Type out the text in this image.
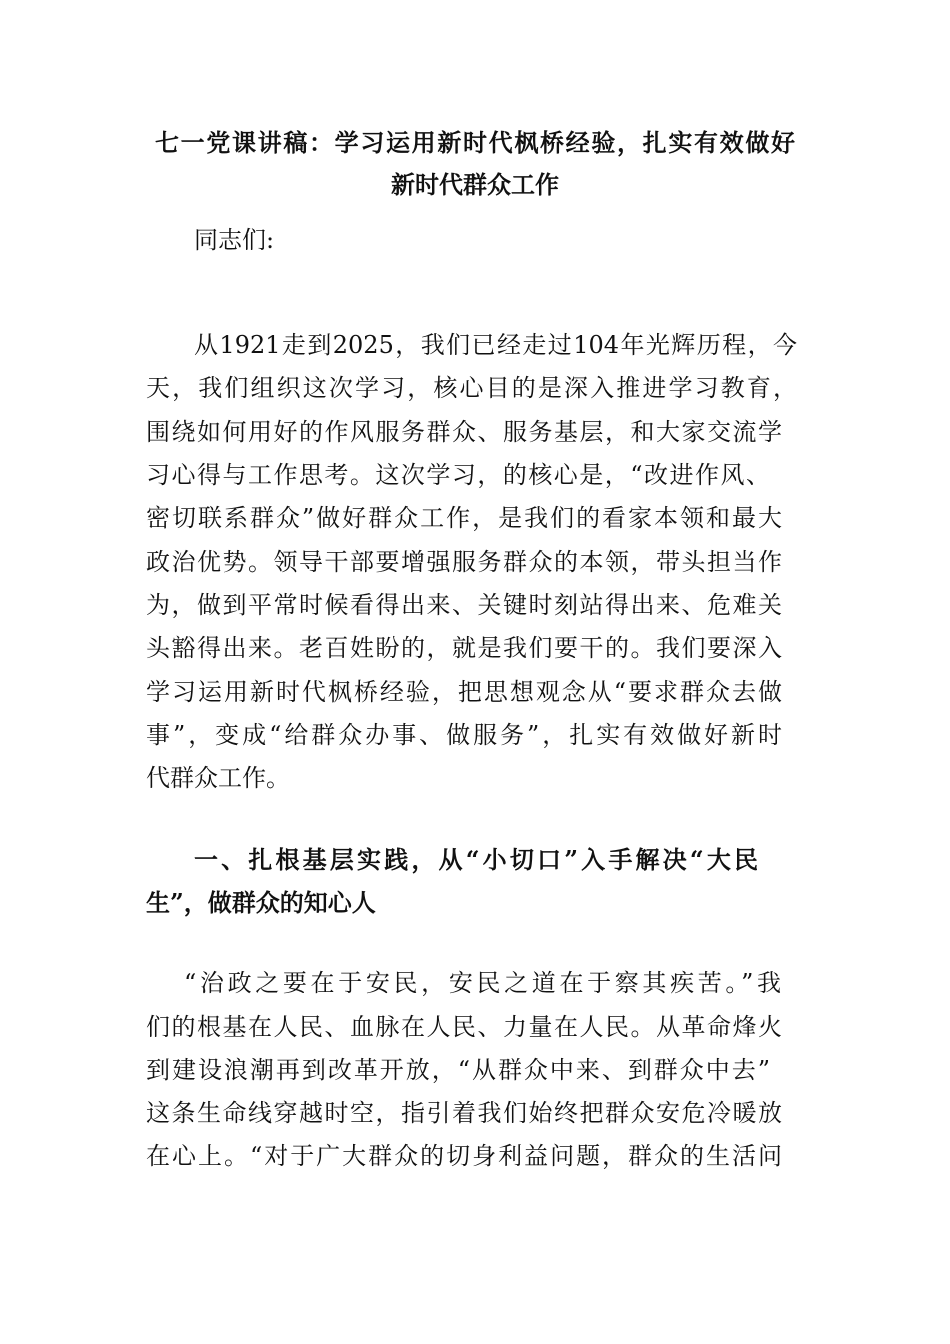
七一党课讲稿：学习运用新时代枫桥经验，扎实有效做好
新时代群众工作
同志们:
从1921走到2025，我们已经走过104年光辉历程，今
天，我们组织这次学习，核心目的是深入推进学习教育，
围绕如何用好的作风服务群众、服务基层，和大家交流学
习心得与工作思考。这次学习，的核心是，“改进作风、
密切联系群众”做好群众工作，是我们的看家本领和最大
政治优势。领导干部要增强服务群众的本领，带头担当作
为，做到平常时候看得出来、关键时刻站得出来、危难关
头豁得出来。老百姓盼的，就是我们要干的。我们要深入
学习运用新时代枫桥经验，把思想观念从“要求群众去做
事”，变成“给群众办事、做服务”，扎实有效做好新时
代群众工作。
一、扎根基层实践，从“小切口”入手解决“大民
生”，做群众的知心人
“治政之要在于安民，安民之道在于察其疾苦。”我
们的根基在人民、血脉在人民、力量在人民。从革命烽火
到建设浪潮再到改革开放，“从群众中来、到群众中去”
这条生命线穿越时空，指引着我们始终把群众安危冷暖放
在心上。“对于广大群众的切身利益问题，群众的生活问
